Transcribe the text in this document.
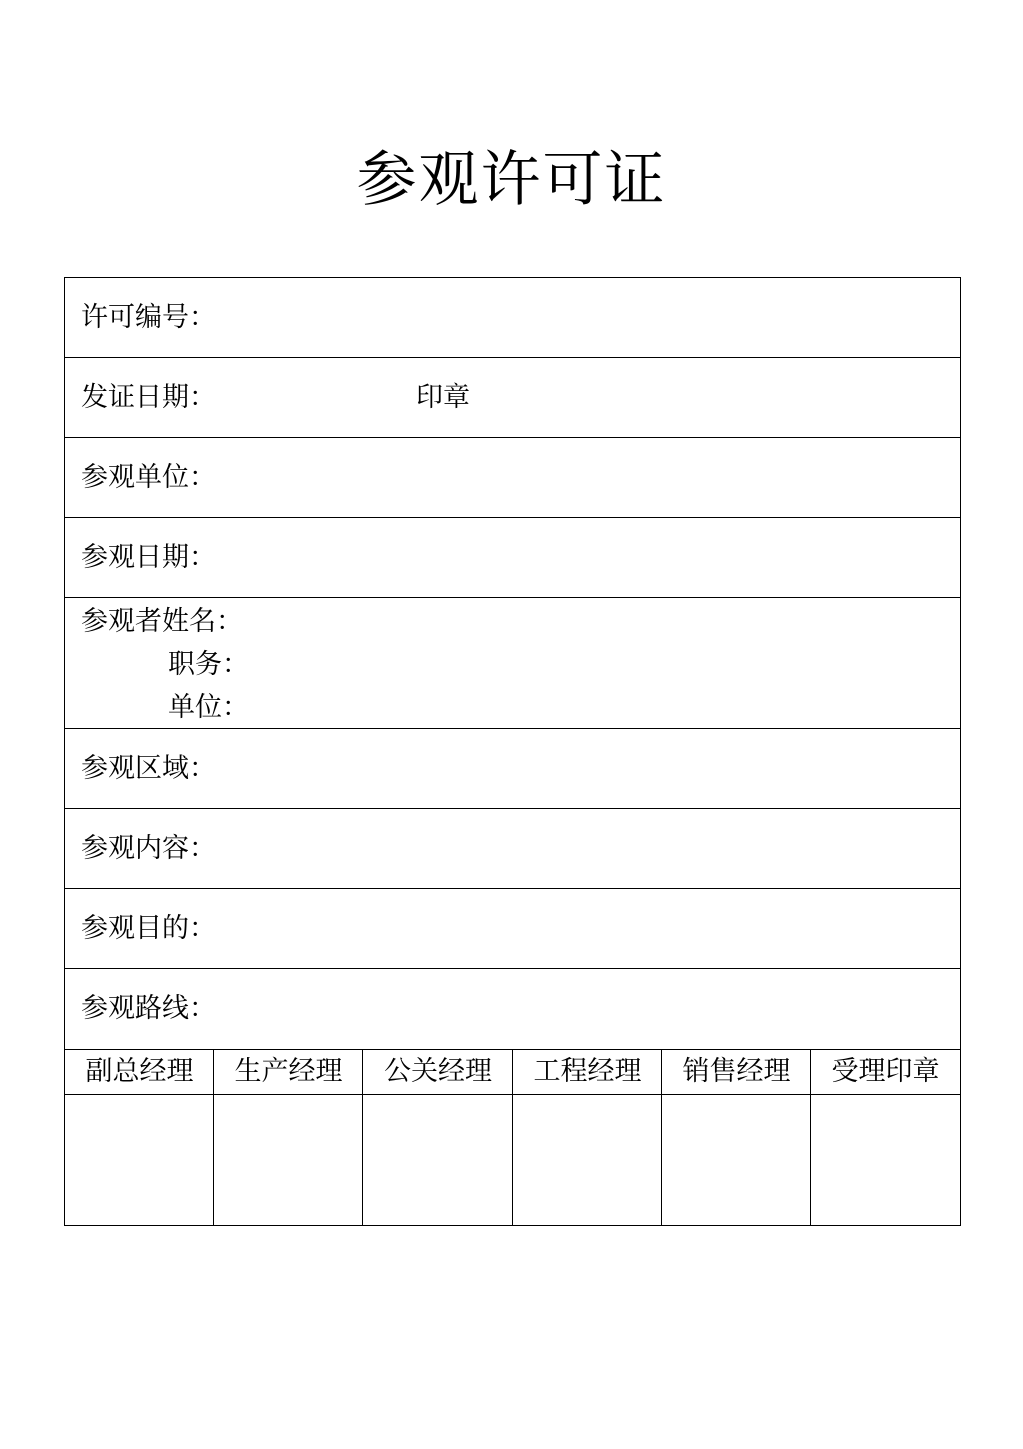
参观许可证
许可编号：
发证日期：	印章
参观单位：
参观日期：
参观者姓名：
职务：
单位：
参观区域：
参观内容：
参观目的：
参观路线：
副总经理	生产经理	公关经理	工程经理	销售经理	受理印章
